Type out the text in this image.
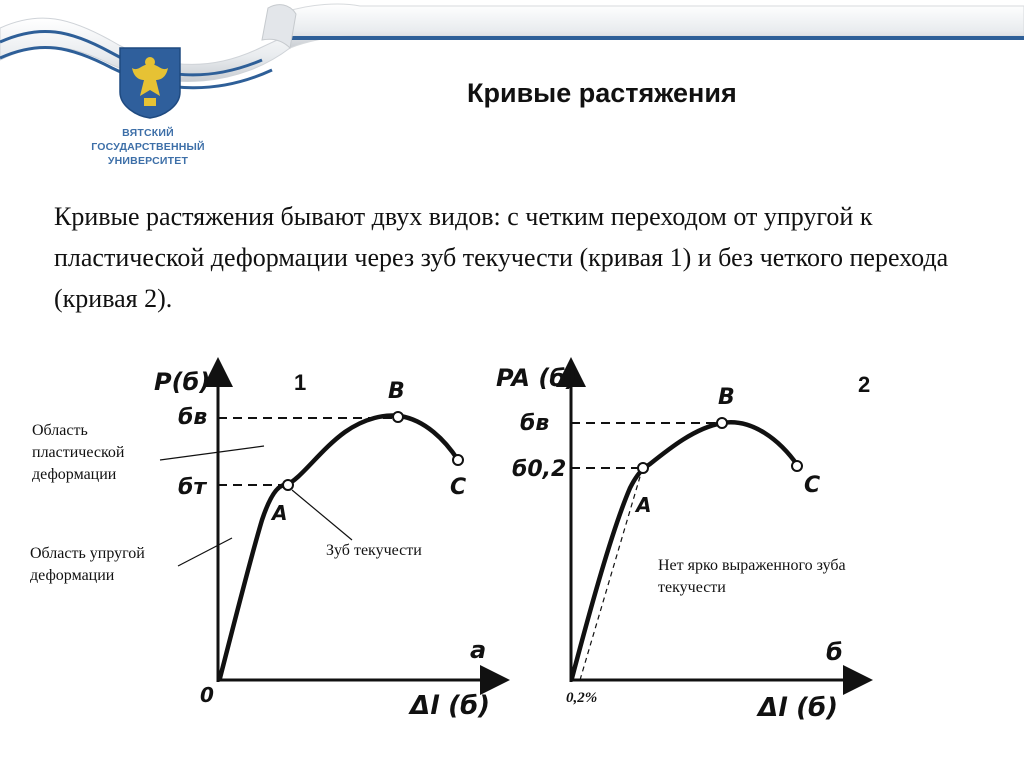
ВЯТСКИЙ
ГОСУДАРСТВЕННЫЙ
УНИВЕРСИТЕТ
Кривые растяжения

Кривые растяжения бывают двух видов: с четким переходом от упругой к пластической деформации через зуб текучести (кривая 1) и без четкого перехода (кривая 2).

P(б)	1
бв
бт
A
B
C
0
а
Δl (б)
Область
пластической
деформации
Область упругой
деформации
Зуб текучести
PA (б)	2
бв
б0,2
A
B
C
0,2%
б
Δl (б)
Нет ярко выраженного зуба
текучести
